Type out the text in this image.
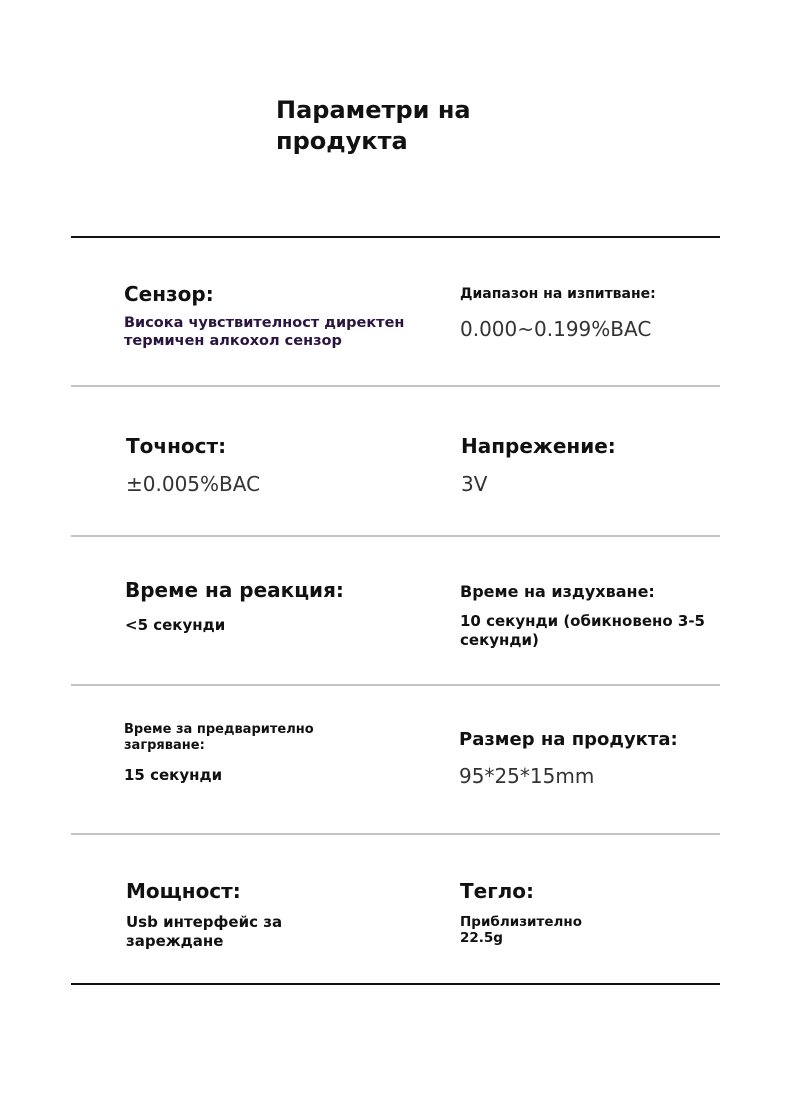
Параметри на продукта

Сензор:

Висока чувствителност директен термичен алкохол сензор

Диапазон на изпитване:

0.000~0.199%BAC

Точност:

±0.005%BAC

Напрежение:

3V

Време на реакция:

<5 секунди

Време на издухване:

10 секунди (обикновено 3-5 секунди)

Време за предварително загряване:

15 секунди

Размер на продукта:

95*25*15mm

Мощност:

Usb интерфейс за зареждане

Тегло:

Приблизително 22.5g
